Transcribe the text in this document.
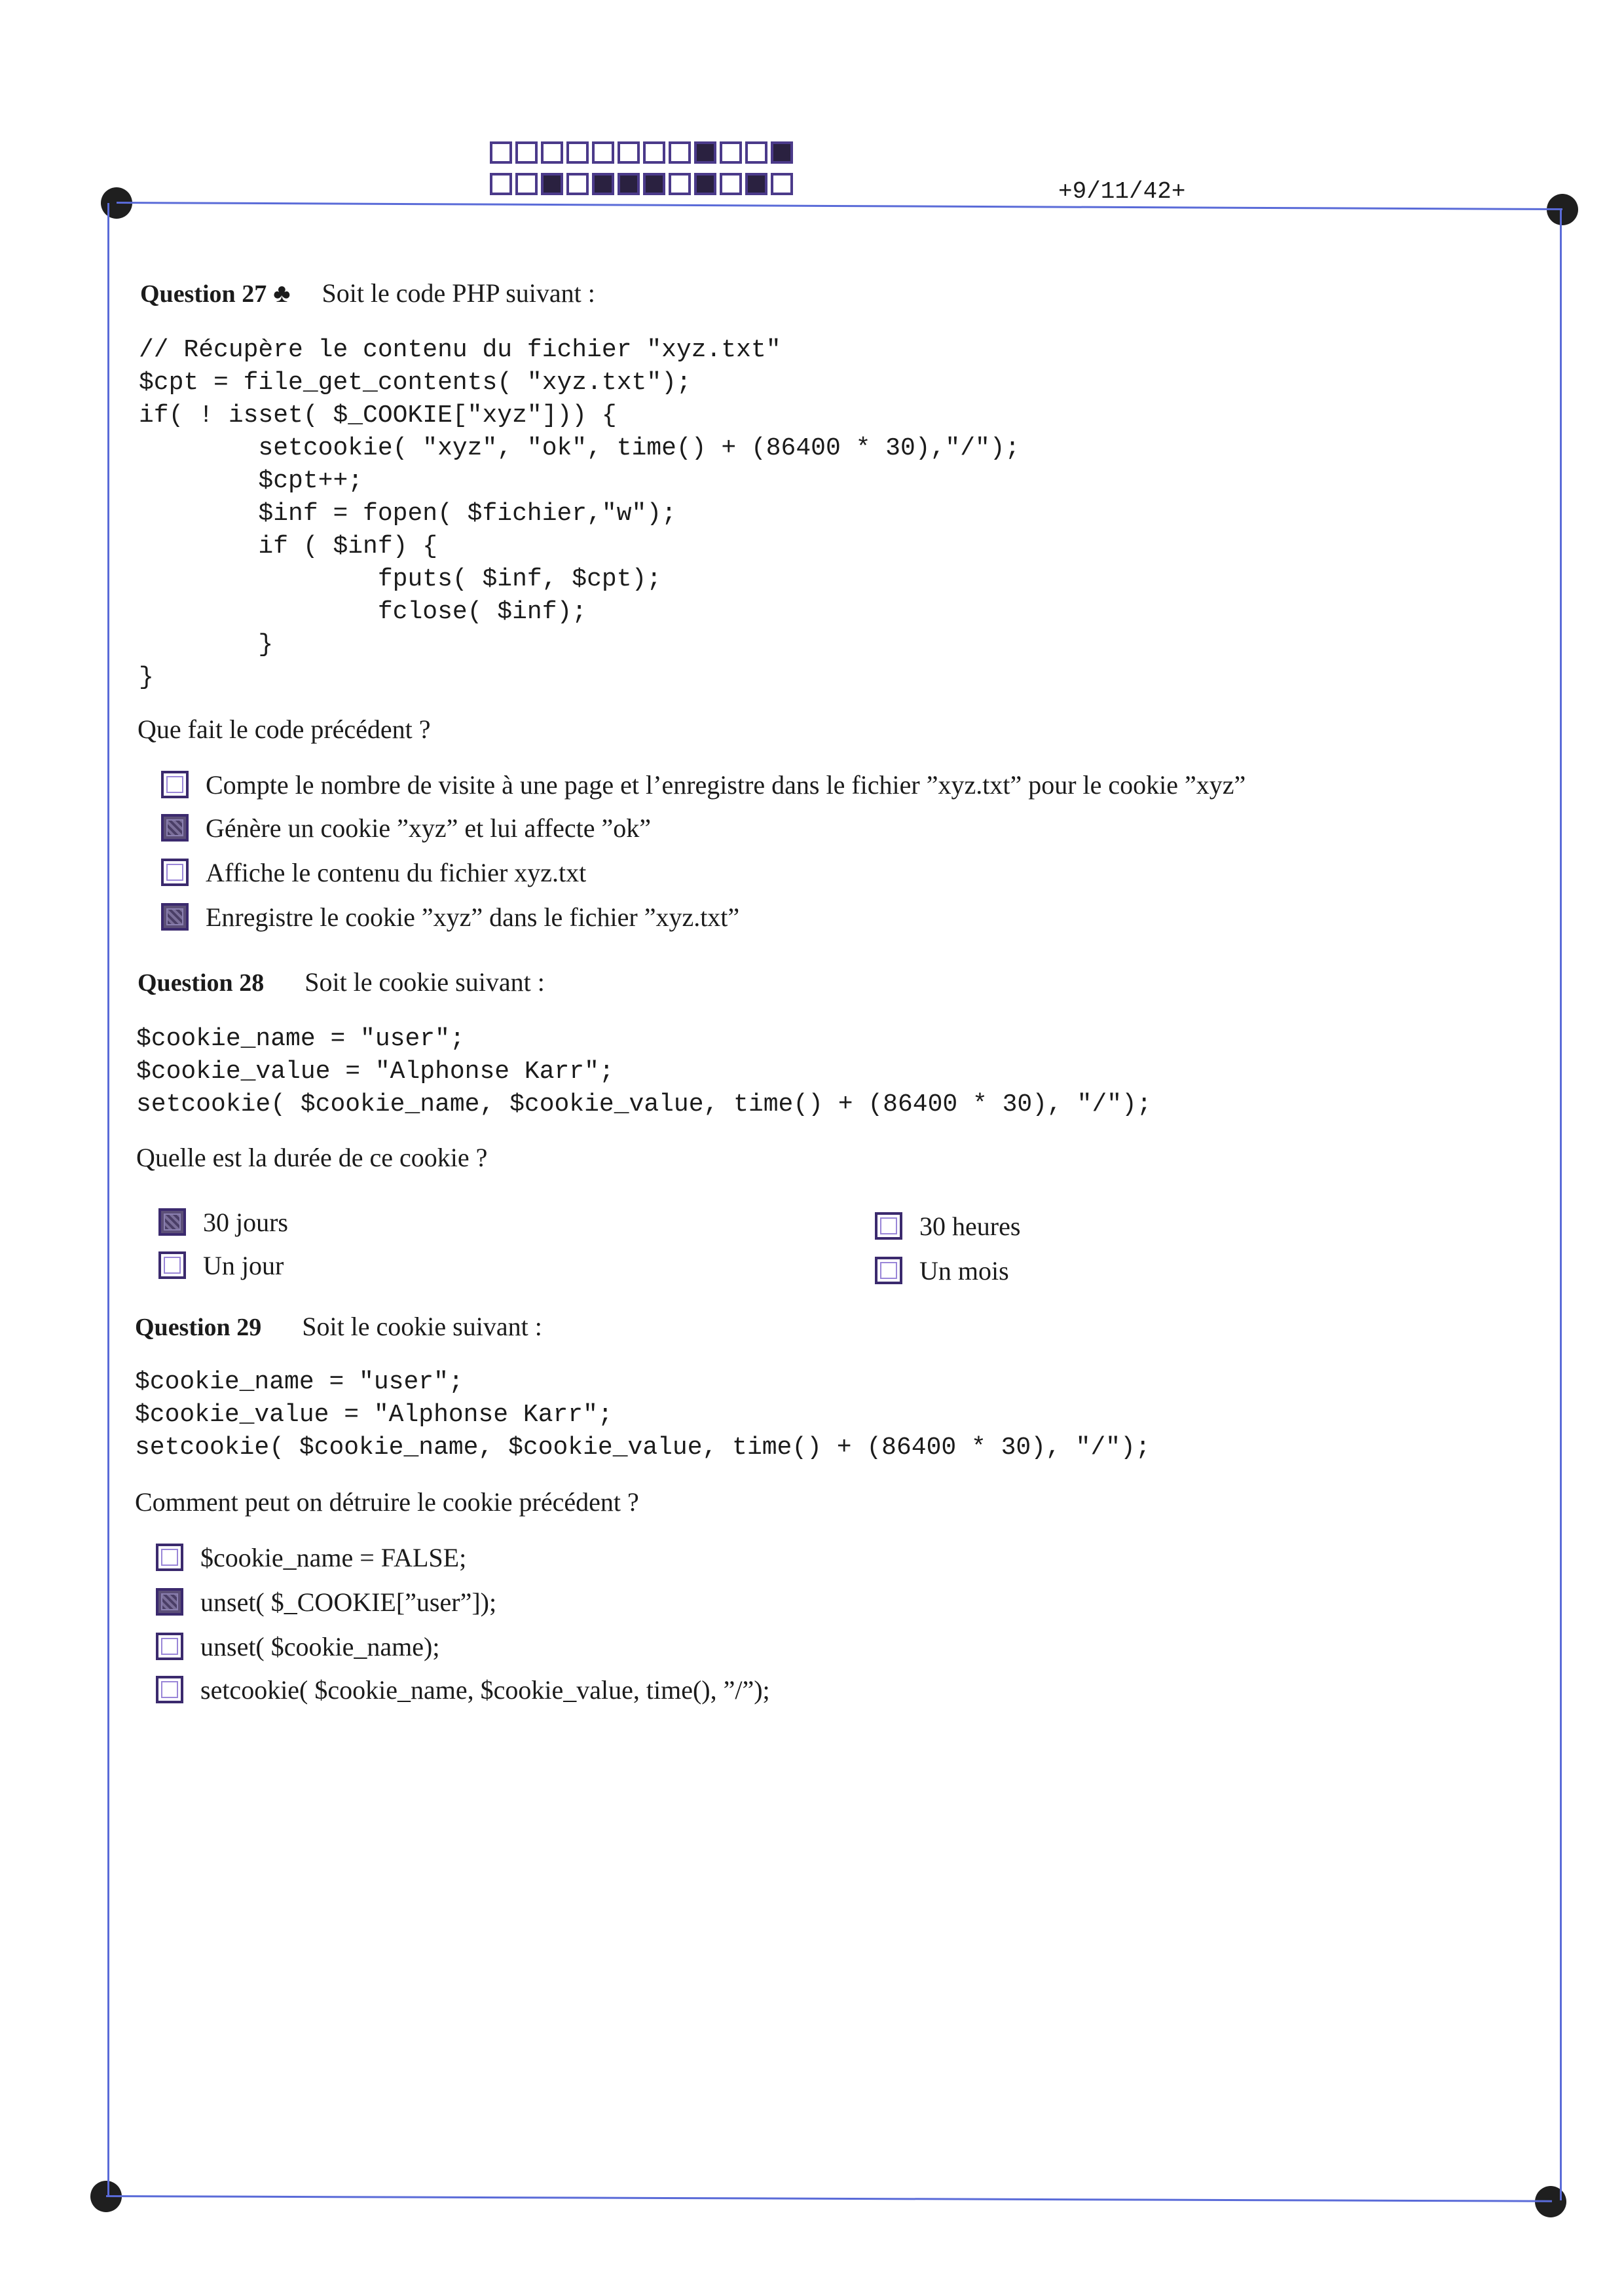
+9/11/42+
Question 27 ♣ Soit le code PHP suivant :
// Récupère le contenu du fichier "xyz.txt"
$cpt = file_get_contents( "xyz.txt");
if( ! isset( $_COOKIE["xyz"])) {
setcookie( "xyz", "ok", time() + (86400 * 30),"/");
$cpt++;
$inf = fopen( $fichier,"w");
if ( $inf) {
fputs( $inf, $cpt);
fclose( $inf);
}
}
Que fait le code précédent ?
Compte le nombre de visite à une page et l’enregistre dans le fichier ”xyz.txt” pour le cookie ”xyz”
Génère un cookie ”xyz” et lui affecte ”ok”
Affiche le contenu du fichier xyz.txt
Enregistre le cookie ”xyz” dans le fichier ”xyz.txt”
Question 28 Soit le cookie suivant :
$cookie_name = "user";
$cookie_value = "Alphonse Karr";
setcookie( $cookie_name, $cookie_value, time() + (86400 * 30), "/");
Quelle est la durée de ce cookie ?
30 jours
Un jour
30 heures
Un mois
Question 29 Soit le cookie suivant :
$cookie_name = "user";
$cookie_value = "Alphonse Karr";
setcookie( $cookie_name, $cookie_value, time() + (86400 * 30), "/");
Comment peut on détruire le cookie précédent ?
$cookie_name = FALSE;
unset( $_COOKIE[”user”]);
unset( $cookie_name);
setcookie( $cookie_name, $cookie_value, time(), ”/”);
